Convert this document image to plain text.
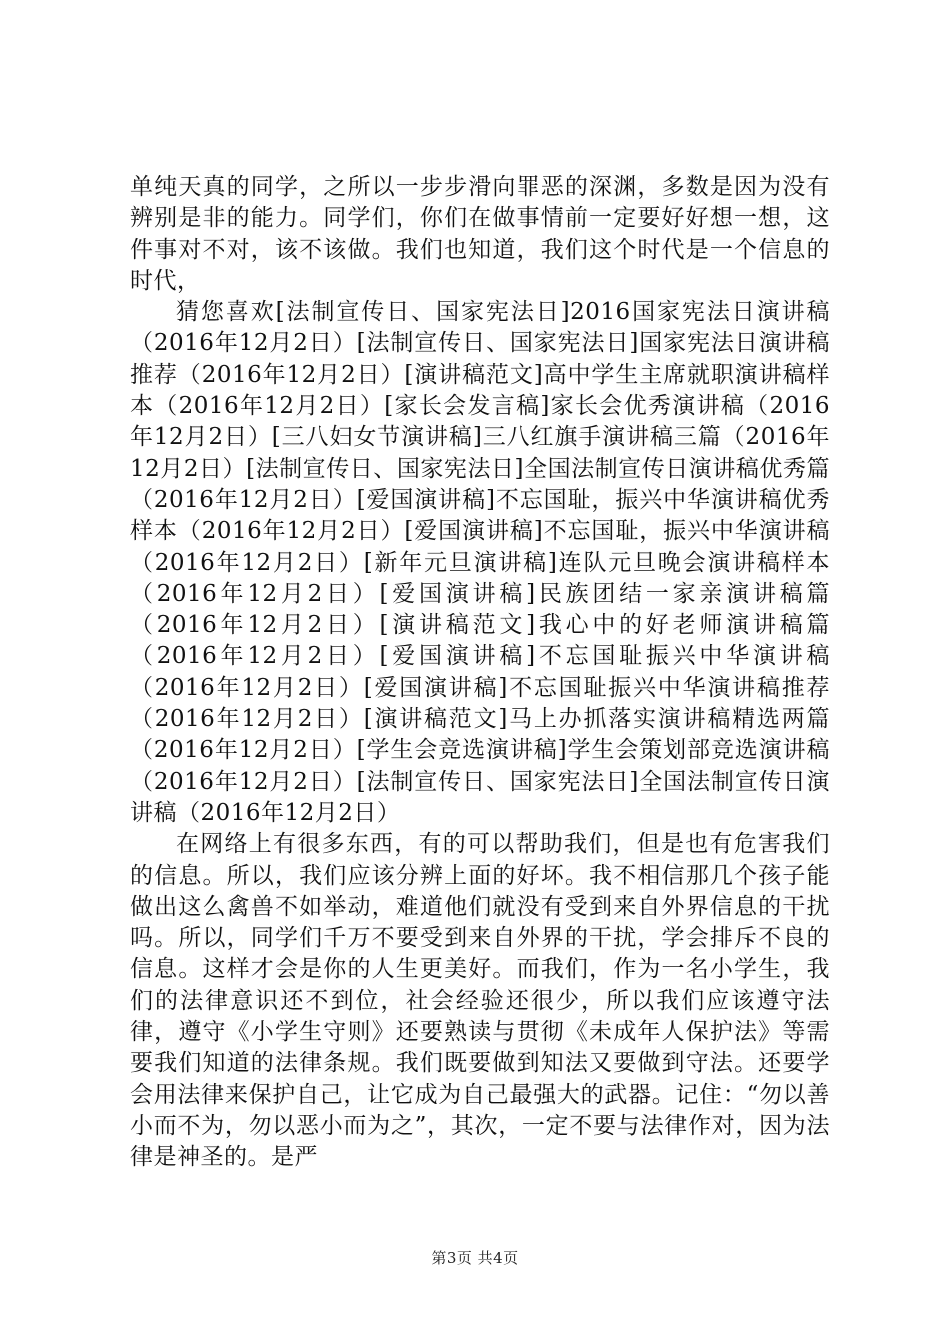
单纯天真的同学，之所以一步步滑向罪恶的深渊，多数是因为没有辨别是非的能力。同学们，你们在做事情前一定要好好想一想，这件事对不对，该不该做。我们也知道，我们这个时代是一个信息的时代，

猜您喜欢[法制宣传日、国家宪法日]2016国家宪法日演讲稿（2016年12月2日）[法制宣传日、国家宪法日]国家宪法日演讲稿推荐（2016年12月2日）[演讲稿范文]高中学生主席就职演讲稿样本（2016年12月2日）[家长会发言稿]家长会优秀演讲稿（2016年12月2日）[三八妇女节演讲稿]三八红旗手演讲稿三篇（2016年12月2日）[法制宣传日、国家宪法日]全国法制宣传日演讲稿优秀篇（2016年12月2日）[爱国演讲稿]不忘国耻，振兴中华演讲稿优秀样本（2016年12月2日）[爱国演讲稿]不忘国耻，振兴中华演讲稿（2016年12月2日）[新年元旦演讲稿]连队元旦晚会演讲稿样本（2016年12月2日）[爱国演讲稿]民族团结一家亲演讲稿篇（2016年12月2日）[演讲稿范文]我心中的好老师演讲稿篇（2016年12月2日）[爱国演讲稿]不忘国耻振兴中华演讲稿（2016年12月2日）[爱国演讲稿]不忘国耻振兴中华演讲稿推荐（2016年12月2日）[演讲稿范文]马上办抓落实演讲稿精选两篇（2016年12月2日）[学生会竞选演讲稿]学生会策划部竞选演讲稿（2016年12月2日）[法制宣传日、国家宪法日]全国法制宣传日演讲稿（2016年12月2日）

在网络上有很多东西，有的可以帮助我们，但是也有危害我们的信息。所以，我们应该分辨上面的好坏。我不相信那几个孩子能做出这么禽兽不如举动，难道他们就没有受到来自外界信息的干扰吗。所以，同学们千万不要受到来自外界的干扰，学会排斥不良的信息。这样才会是你的人生更美好。而我们，作为一名小学生，我们的法律意识还不到位，社会经验还很少，所以我们应该遵守法律，遵守《小学生守则》还要熟读与贯彻《未成年人保护法》等需要我们知道的法律条规。我们既要做到知法又要做到守法。还要学会用法律来保护自己，让它成为自己最强大的武器。记住：“勿以善小而不为，勿以恶小而为之”，其次，一定不要与法律作对，因为法律是神圣的。是严

第3页 共4页
